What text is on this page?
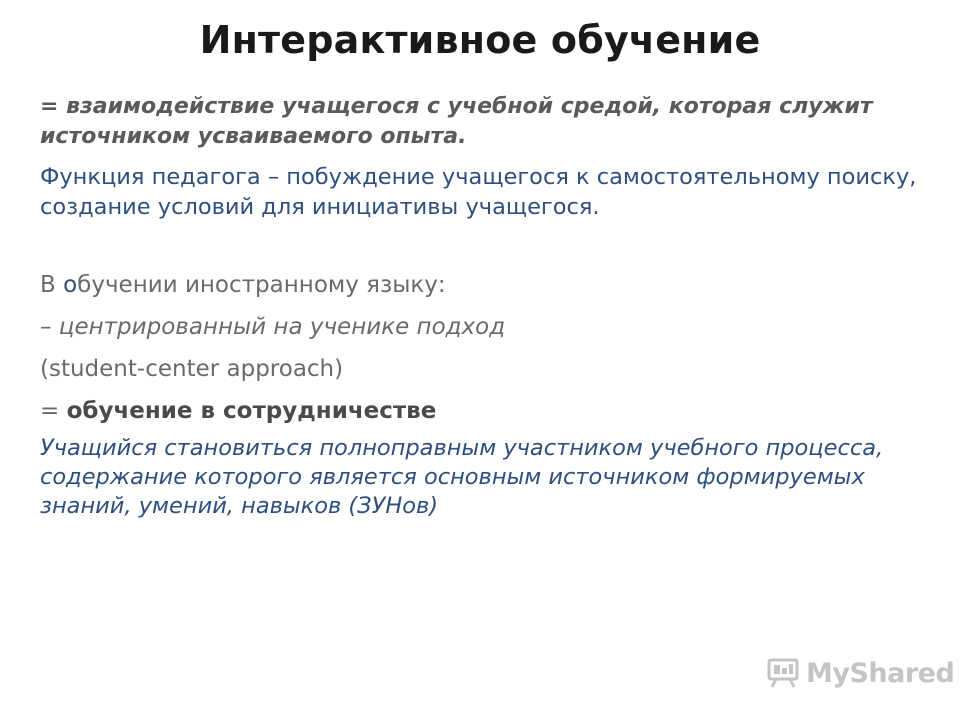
Интерактивное обучение

= взаимодействие учащегося с учебной средой, которая служит источником усваиваемого опыта.

Функция педагога – побуждение учащегося к самостоятельному поиску, создание условий для инициативы учащегося.

В обучении иностранному языку:

– центрированный на ученике подход

(student-center approach)

= обучение в сотрудничестве

Учащийся становиться полноправным участником учебного процесса, содержание которого является основным источником формируемых знаний, умений, навыков (ЗУНов)

MyShared
